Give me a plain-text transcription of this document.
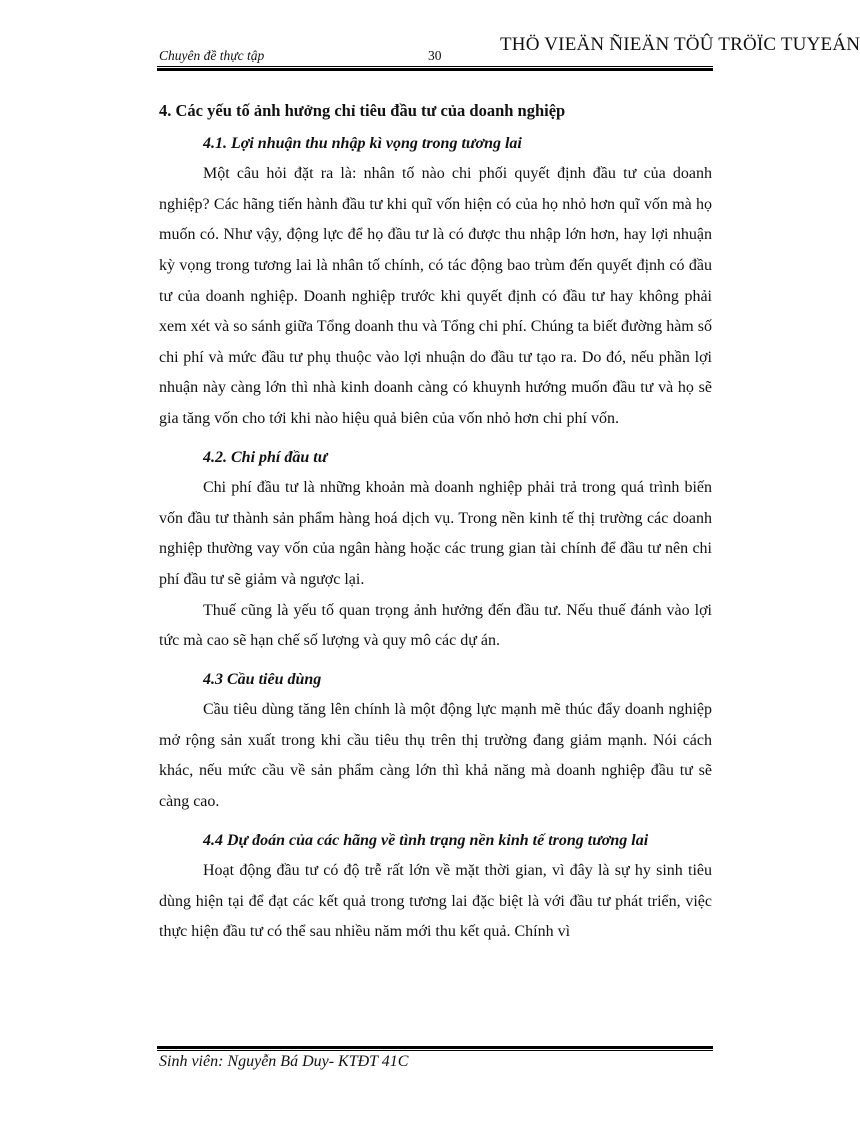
Chuyên đề thực tập	30
THÖ VIEÄN ÑIEÄN TÖÛ TRÖÏC TUYEÁN
4. Các yếu tố ảnh hưởng chỉ tiêu đầu tư của doanh nghiệp
4.1. Lợi nhuận thu nhập kì vọng trong tương lai

Một câu hỏi đặt ra là: nhân tố nào chi phối quyết định đầu tư của doanh nghiệp? Các hãng tiến hành đầu tư khi quĩ vốn hiện có của họ nhỏ hơn quĩ vốn mà họ muốn có. Như vậy, động lực để họ đầu tư là có được thu nhập lớn hơn, hay lợi nhuận kỳ vọng trong tương lai là nhân tố chính, có tác động bao trùm đến quyết định có đầu tư của doanh nghiệp. Doanh nghiệp trước khi quyết định có đầu tư hay không phải xem xét và so sánh giữa Tổng doanh thu và Tổng chi phí. Chúng ta biết đường hàm số chi phí và mức đầu tư phụ thuộc vào lợi nhuận do đầu tư tạo ra. Do đó, nếu phần lợi nhuận này càng lớn thì nhà kinh doanh càng có khuynh hướng muốn đầu tư và họ sẽ gia tăng vốn cho tới khi nào hiệu quả biên của vốn nhỏ hơn chi phí vốn.

4.2. Chi phí đầu tư

Chi phí đầu tư là những khoản mà doanh nghiệp phải trả trong quá trình biến vốn đầu tư thành sản phẩm hàng hoá dịch vụ. Trong nền kinh tế thị trường các doanh nghiệp thường vay vốn của ngân hàng hoặc các trung gian tài chính để đầu tư nên chi phí đầu tư sẽ giảm và ngược lại.

Thuế cũng là yếu tố quan trọng ảnh hưởng đến đầu tư. Nếu thuế đánh vào lợi tức mà cao sẽ hạn chế số lượng và quy mô các dự án.

4.3 Cầu tiêu dùng

Cầu tiêu dùng tăng lên chính là một động lực mạnh mẽ thúc đẩy doanh nghiệp mở rộng sản xuất trong khi cầu tiêu thụ trên thị trường đang giảm mạnh. Nói cách khác, nếu mức cầu về sản phẩm càng lớn thì khả năng mà doanh nghiệp đầu tư sẽ càng cao.

4.4 Dự đoán của các hãng về tình trạng nền kinh tế trong tương lai

Hoạt động đầu tư có độ trễ rất lớn về mặt thời gian, vì đây là sự hy sinh tiêu dùng hiện tại để đạt các kết quả trong tương lai đặc biệt là với đầu tư phát triển, việc thực hiện đầu tư có thể sau nhiều năm mới thu kết quả. Chính vì

Sinh viên: Nguyễn Bá Duy- KTĐT 41C
